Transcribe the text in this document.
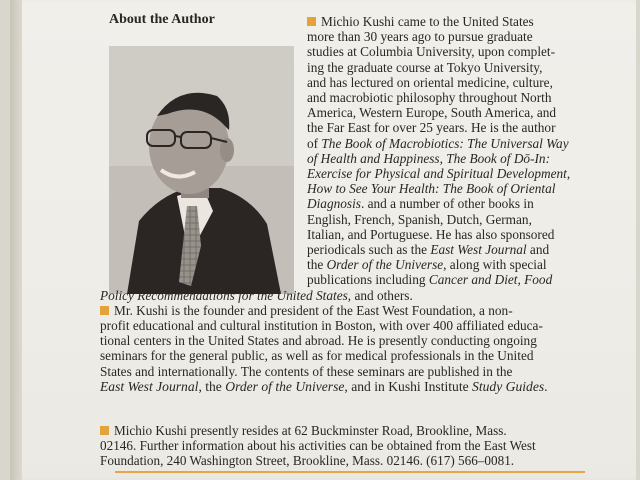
About the Author	Michio Kushi came to the United States
more than 30 years ago to pursue graduate
studies at Columbia University, upon complet-
ing the graduate course at Tokyo University,
and has lectured on oriental medicine, culture,
and macrobiotic philosophy throughout North
America, Western Europe, South America, and
the Far East for over 25 years. He is the author
of The Book of Macrobiotics: The Universal Way
of Health and Happiness, The Book of Dō-In:
Exercise for Physical and Spiritual Development,
How to See Your Health: The Book of Oriental
Diagnosis. and a number of other books in
English, French, Spanish, Dutch, German,
Italian, and Portuguese. He has also sponsored
periodicals such as the East West Journal and
the Order of the Universe, along with special
publications including Cancer and Diet, Food
Policy Recommendations for the United States, and others.
Mr. Kushi is the founder and president of the East West Foundation, a non-
profit educational and cultural institution in Boston, with over 400 affiliated educa-
tional centers in the United States and abroad. He is presently conducting ongoing
seminars for the general public, as well as for medical professionals in the United
States and internationally. The contents of these seminars are published in the
East West Journal, the Order of the Universe, and in Kushi Institute Study Guides.
Michio Kushi presently resides at 62 Buckminster Road, Brookline, Mass.
02146. Further information about his activities can be obtained from the East West
Foundation, 240 Washington Street, Brookline, Mass. 02146. (617) 566–0081.
